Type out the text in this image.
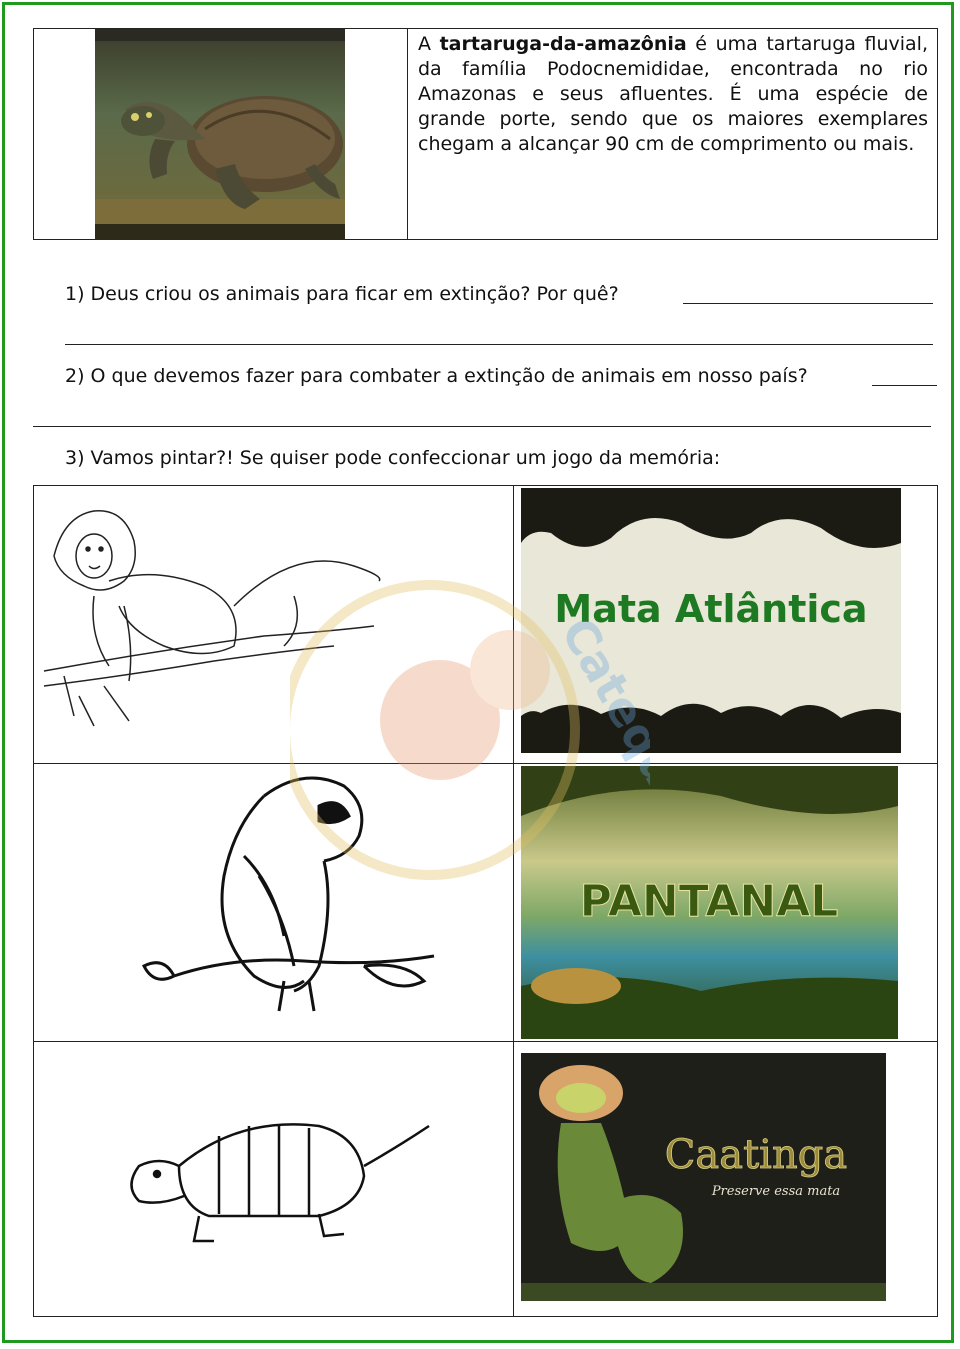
A tartaruga-da-amazônia é uma tartaruga fluvial, da família Podocnemididae, encontrada no rio Amazonas e seus afluentes. É uma espécie de grande porte, sendo que os maiores exemplares chegam a alcançar 90 cm de comprimento ou mais.
1) Deus criou os animais para ficar em extinção? Por quê?
2) O que devemos fazer para combater a extinção de animais em nosso país?
3) Vamos pintar?! Se quiser pode confeccionar um jogo da memória:
Mata Atlântica
PANTANAL
Caatinga
Preserve essa mata
